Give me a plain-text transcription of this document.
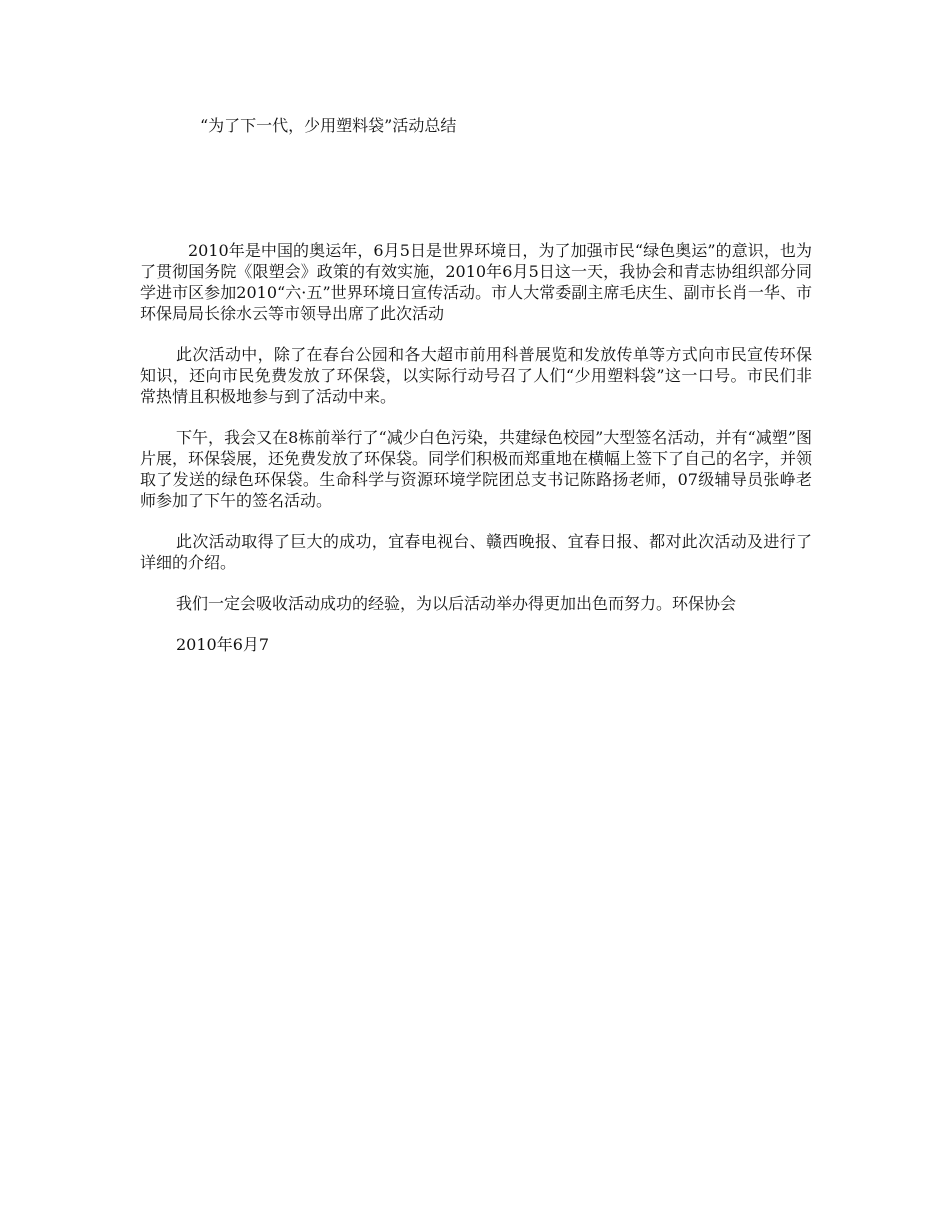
“为了下一代，少用塑料袋”活动总结

2010年是中国的奥运年，6月5日是世界环境日，为了加强市民“绿色奥运”的意识，也为了贯彻国务院《限塑会》政策的有效实施，2010年6月5日这一天，我协会和青志协组织部分同学进市区参加2010“六·五”世界环境日宣传活动。市人大常委副主席毛庆生、副市长肖一华、市环保局局长徐水云等市领导出席了此次活动

此次活动中，除了在春台公园和各大超市前用科普展览和发放传单等方式向市民宣传环保知识，还向市民免费发放了环保袋，以实际行动号召了人们“少用塑料袋”这一口号。市民们非常热情且积极地参与到了活动中来。

下午，我会又在8栋前举行了“减少白色污染，共建绿色校园”大型签名活动，并有“减塑”图片展，环保袋展，还免费发放了环保袋。同学们积极而郑重地在横幅上签下了自己的名字，并领取了发送的绿色环保袋。生命科学与资源环境学院团总支书记陈路扬老师，07级辅导员张峥老师参加了下午的签名活动。

此次活动取得了巨大的成功，宜春电视台、赣西晚报、宜春日报、都对此次活动及进行了详细的介绍。

我们一定会吸收活动成功的经验，为以后活动举办得更加出色而努力。环保协会

2010年6月7
